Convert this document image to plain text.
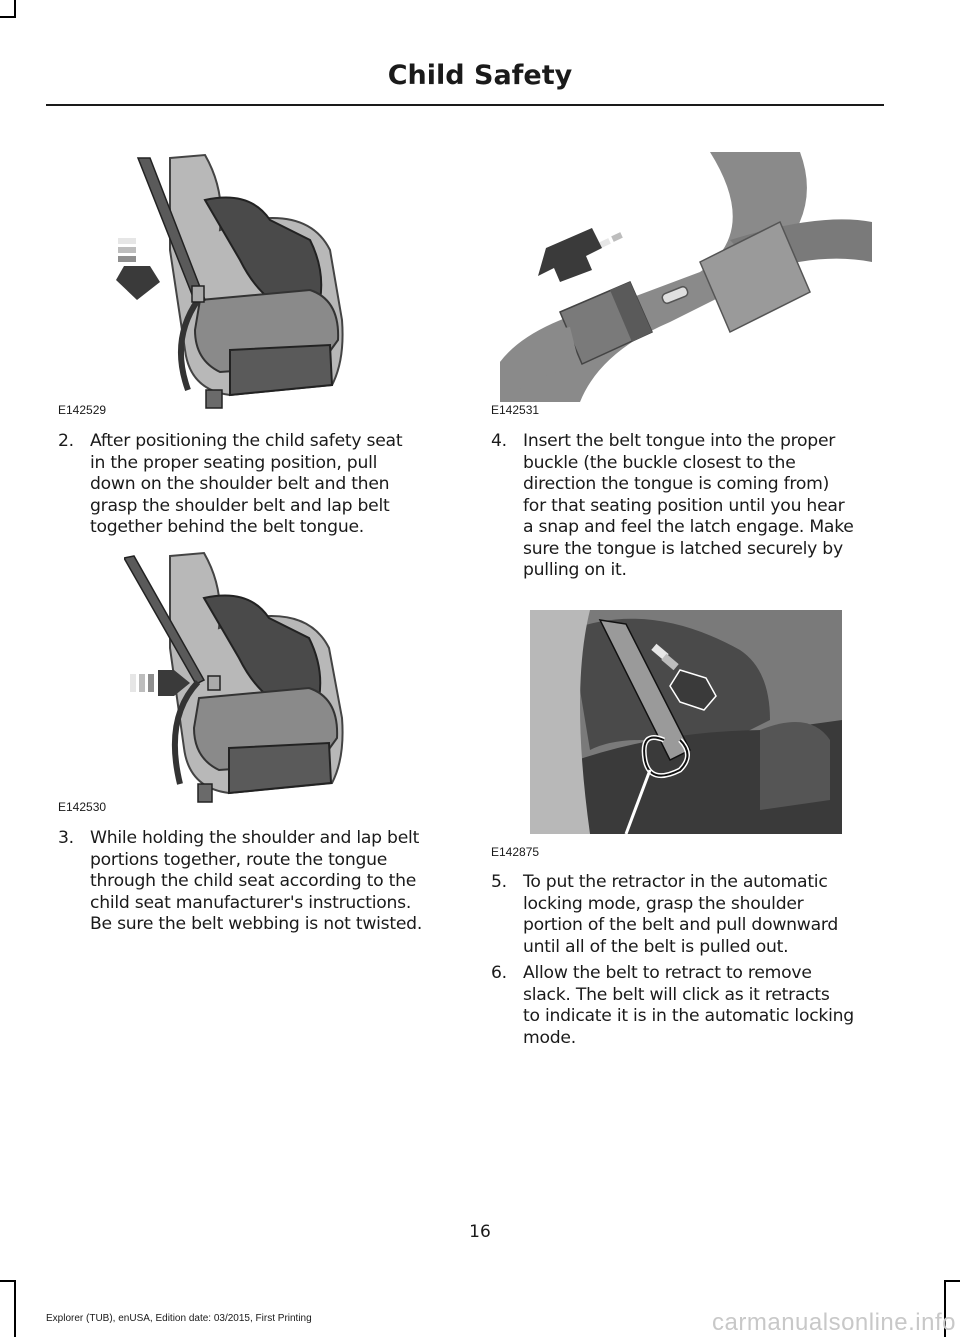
Child Safety
E142529	E142531
2. After positioning the child safety seat
in the proper seating position, pull
down on the shoulder belt and then
grasp the shoulder belt and lap belt
together behind the belt tongue.
4. Insert the belt tongue into the proper
buckle (the buckle closest to the
direction the tongue is coming from)
for that seating position until you hear
a snap and feel the latch engage. Make
sure the tongue is latched securely by
pulling on it.
E142530
E142875
3. While holding the shoulder and lap belt
portions together, route the tongue
through the child seat according to the
child seat manufacturer's instructions.
Be sure the belt webbing is not twisted.
5. To put the retractor in the automatic
locking mode, grasp the shoulder
portion of the belt and pull downward
until all of the belt is pulled out.
6. Allow the belt to retract to remove
slack. The belt will click as it retracts
to indicate it is in the automatic locking
mode.
16
Explorer (TUB), enUSA, Edition date: 03/2015, First Printing	carmanualsonline.info
